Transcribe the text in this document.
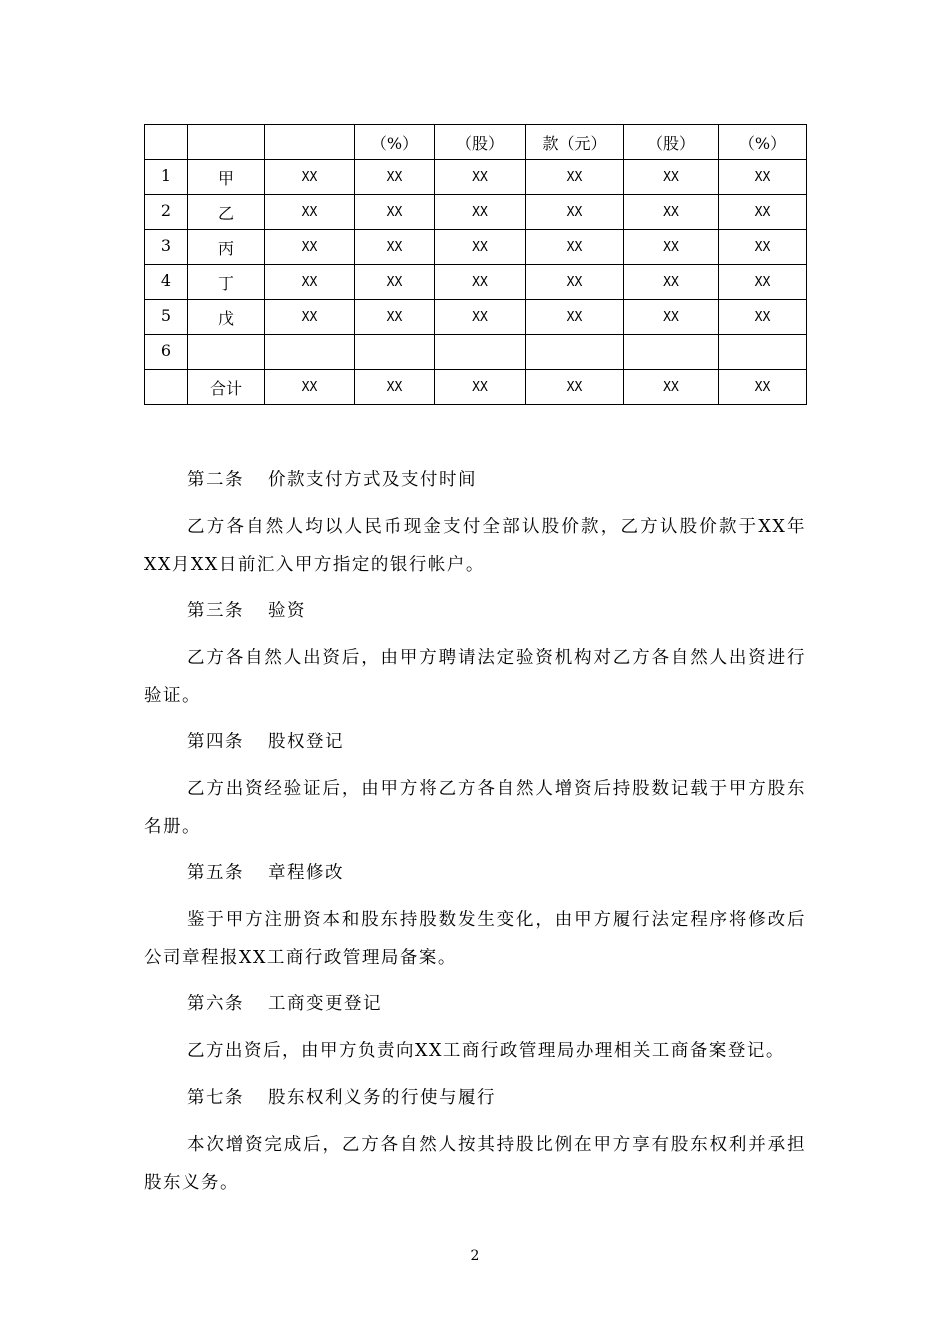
			（%）	（股）	款（元）	（股）	（%）
1	甲	XX	XX	XX	XX	XX	XX
2	乙	XX	XX	XX	XX	XX	XX
3	丙	XX	XX	XX	XX	XX	XX
4	丁	XX	XX	XX	XX	XX	XX
5	戊	XX	XX	XX	XX	XX	XX
6							
	合计	XX	XX	XX	XX	XX	XX

第二条 价款支付方式及支付时间

乙方各自然人均以人民币现金支付全部认股价款，乙方认股价款于XX年XX月XX日前汇入甲方指定的银行帐户。

第三条 验资

乙方各自然人出资后，由甲方聘请法定验资机构对乙方各自然人出资进行验证。

第四条 股权登记

乙方出资经验证后，由甲方将乙方各自然人增资后持股数记载于甲方股东名册。

第五条 章程修改

鉴于甲方注册资本和股东持股数发生变化，由甲方履行法定程序将修改后公司章程报XX工商行政管理局备案。

第六条 工商变更登记

乙方出资后，由甲方负责向XX工商行政管理局办理相关工商备案登记。

第七条 股东权利义务的行使与履行

本次增资完成后，乙方各自然人按其持股比例在甲方享有股东权利并承担股东义务。

2
